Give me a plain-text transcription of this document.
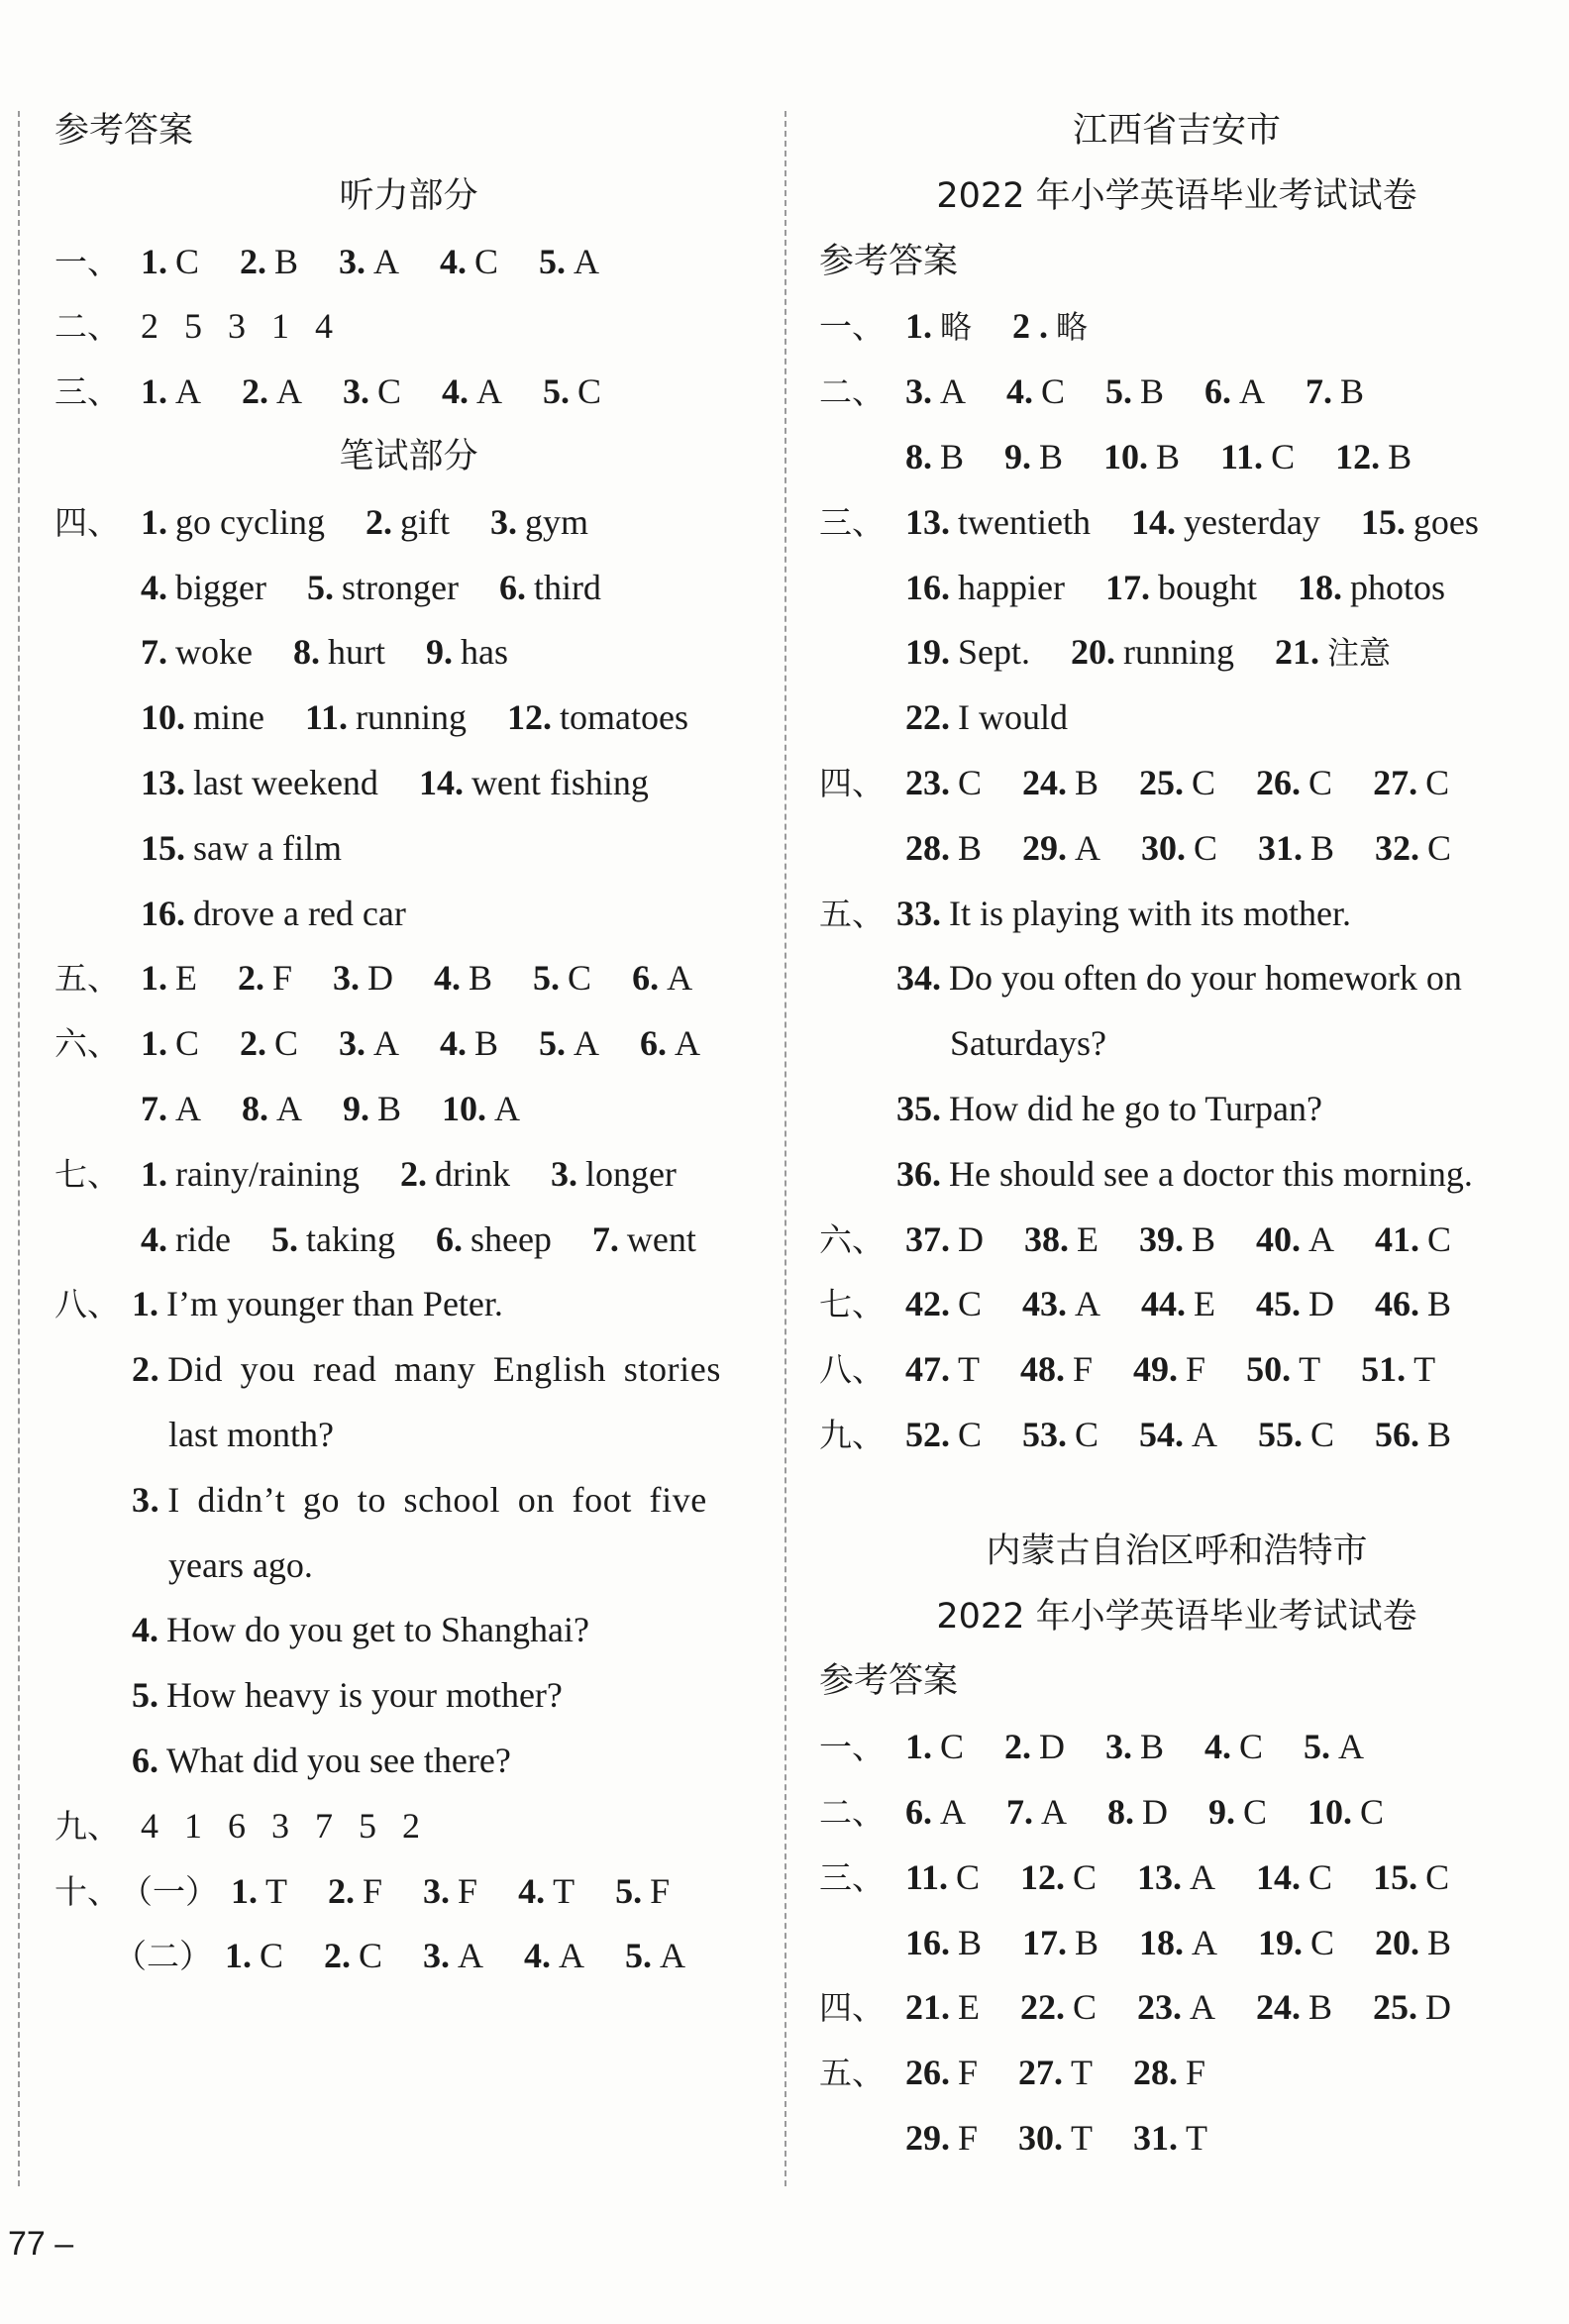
参考答案
听力部分
一、 1. C 2. B 3. A 4. C 5. A
二、 2 5 3 1 4
三、 1. A 2. A 3. C 4. A 5. C
笔试部分
四、 1. go cycling 2. gift 3. gym
4. bigger 5. stronger 6. third
7. woke 8. hurt 9. has
10. mine 11. running 12. tomatoes
13. last weekend 14. went fishing
15. saw a film
16. drove a red car
五、 1. E 2. F 3. D 4. B 5. C 6. A
六、 1. C 2. C 3. A 4. B 5. A 6. A
7. A 8. A 9. B 10. A
七、 1. rainy/raining 2. drink 3. longer
4. ride 5. taking 6. sheep 7. went
八、 1. I’m younger than Peter.
2. Did you read many English stories
last month?
3. I didn’t go to school on foot five
years ago.
4. How do you get to Shanghai?
5. How heavy is your mother?
6. What did you see there?
九、 4 1 6 3 7 5 2
十、（一） 1. T 2. F 3. F 4. T 5. F
（二） 1. C 2. C 3. A 4. A 5. A
江西省吉安市
2022 年小学英语毕业考试试卷
参考答案
一、 1. 略 2 . 略
二、 3. A 4. C 5. B 6. A 7. B
8. B 9. B 10. B 11. C 12. B
三、 13. twentieth 14. yesterday 15. goes
16. happier 17. bought 18. photos
19. Sept. 20. running 21. 注意
22. I would
四、 23. C 24. B 25. C 26. C 27. C
28. B 29. A 30. C 31. B 32. C
五、 33. It is playing with its mother.
34. Do you often do your homework on
Saturdays?
35. How did he go to Turpan?
36. He should see a doctor this morning.
六、 37. D 38. E 39. B 40. A 41. C
七、 42. C 43. A 44. E 45. D 46. B
八、 47. T 48. F 49. F 50. T 51. T
九、 52. C 53. C 54. A 55. C 56. B
内蒙古自治区呼和浩特市
2022 年小学英语毕业考试试卷
参考答案
一、 1. C 2. D 3. B 4. C 5. A
二、 6. A 7. A 8. D 9. C 10. C
三、 11. C 12. C 13. A 14. C 15. C
16. B 17. B 18. A 19. C 20. B
四、 21. E 22. C 23. A 24. B 25. D
五、 26. F 27. T 28. F
29. F 30. T 31. T
77 –
